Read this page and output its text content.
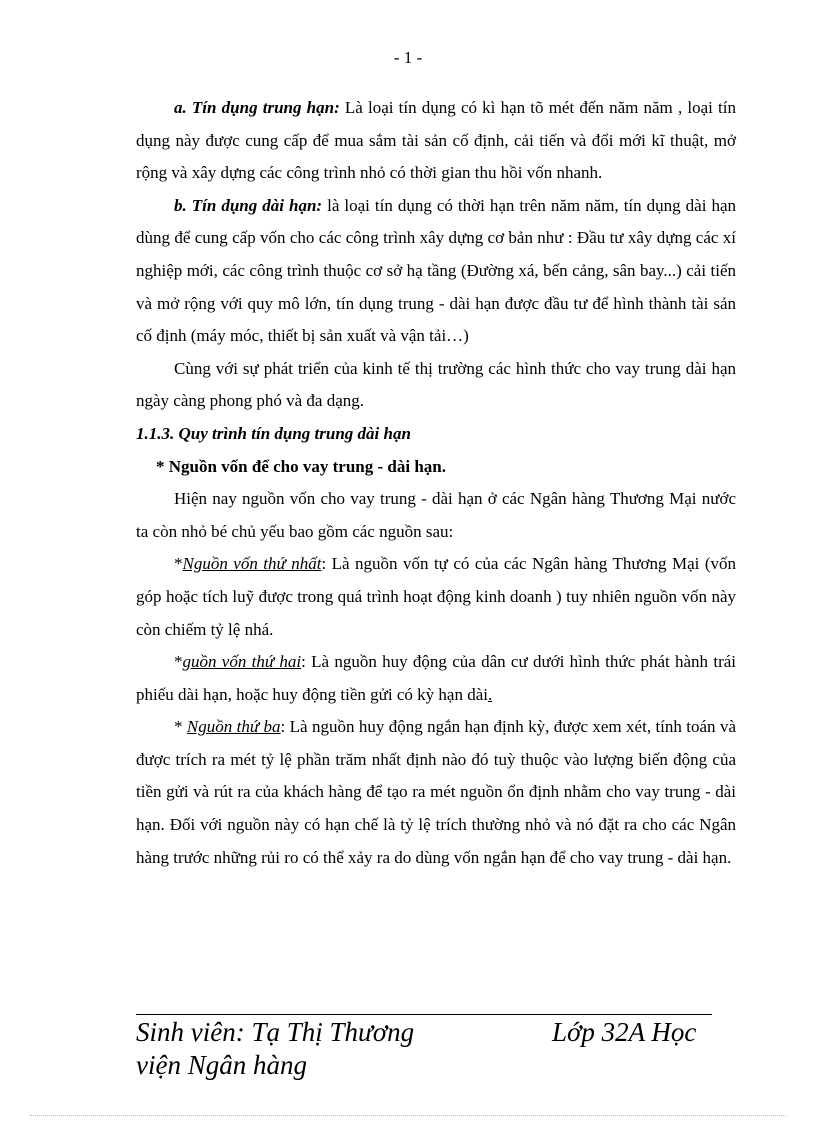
- 1 -

a. Tín dụng trung hạn: Là loại tín dụng có kì hạn tõ mét đến năm năm , loại tín dụng này được cung cấp để mua sắm tài sản cố định, cải tiến và đổi mới kĩ thuật, mở rộng và xây dựng các công trình nhỏ có thời gian thu hồi vốn nhanh.

b. Tín dụng dài hạn: là loại tín dụng có thời hạn trên năm năm, tín dụng dài hạn dùng để cung cấp vốn cho các công trình xây dựng cơ bản như : Đầu tư xây dựng các xí nghiệp mới, các công trình thuộc cơ sở hạ tầng (Đường xá, bến cảng, sân bay...) cải tiến và mở rộng với quy mô lớn, tín dụng trung - dài hạn được đầu tư để hình thành tài sản cố định (máy móc, thiết bị sản xuất và vận tải…)

Cùng với sự phát triển của kinh tế thị trường các hình thức cho vay trung dài hạn ngày càng phong phó và đa dạng.

1.1.3. Quy trình tín dụng trung dài hạn

* Nguồn vốn để cho vay trung - dài hạn.

Hiện nay nguồn vốn cho vay trung - dài hạn ở các Ngân hàng Thương Mại nước ta còn nhỏ bé chủ yếu bao gồm các nguồn sau:

*Nguồn vốn thứ nhất: Là nguồn vốn tự có của các Ngân hàng Thương Mại (vốn góp hoặc tích luỹ được trong quá trình hoạt động kinh doanh ) tuy nhiên nguồn vốn này còn chiếm tỷ lệ nhá.

*guồn vốn thứ hai: Là nguồn huy động của dân cư dưới hình thức phát hành trái phiếu dài hạn, hoặc huy động tiền gửi có kỳ hạn dài.

* Nguồn thứ ba: Là nguồn huy động ngắn hạn định kỳ, được xem xét, tính toán và được trích ra mét tỷ lệ phần trăm nhất định nào đó tuỳ thuộc vào lượng biến động của tiền gửi và rút ra của khách hàng để tạo ra mét nguồn ổn định nhằm cho vay trung - dài hạn. Đối với nguồn này có hạn chế là tỷ lệ trích thường nhỏ và nó đặt ra cho các Ngân hàng trước những rủi ro có thể xảy ra do dùng vốn ngắn hạn để cho vay trung - dài hạn.

Sinh viên: Tạ Thị Thương	Lớp 32A Học
viện Ngân hàng
